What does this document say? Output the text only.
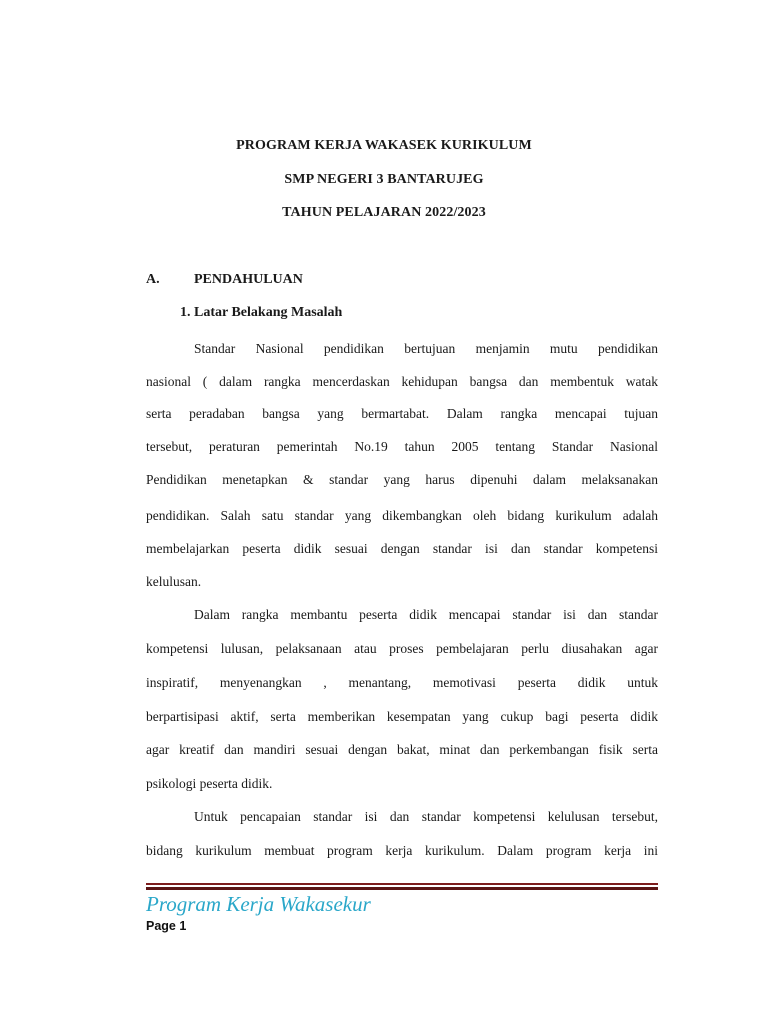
PROGRAM KERJA WAKASEK KURIKULUM
SMP NEGERI 3 BANTARUJEG
TAHUN PELAJARAN 2022/2023
A. PENDAHULUAN
1. Latar Belakang Masalah
Standar Nasional pendidikan bertujuan menjamin mutu pendidikan
nasional ( dalam rangka mencerdaskan kehidupan bangsa dan membentuk watak
serta peradaban bangsa yang bermartabat. Dalam rangka mencapai tujuan
tersebut, peraturan pemerintah No.19 tahun 2005 tentang Standar Nasional
Pendidikan menetapkan & standar yang harus dipenuhi dalam melaksanakan
pendidikan. Salah satu standar yang dikembangkan oleh bidang kurikulum adalah
membelajarkan peserta didik sesuai dengan standar isi dan standar kompetensi
kelulusan.
Dalam rangka membantu peserta didik mencapai standar isi dan standar
kompetensi lulusan, pelaksanaan atau proses pembelajaran perlu diusahakan agar
inspiratif, menyenangkan , menantang, memotivasi peserta didik untuk
berpartisipasi aktif, serta memberikan kesempatan yang cukup bagi peserta didik
agar kreatif dan mandiri sesuai dengan bakat, minat dan perkembangan fisik serta
psikologi peserta didik.
Untuk pencapaian standar isi dan standar kompetensi kelulusan tersebut,
bidang kurikulum membuat program kerja kurikulum. Dalam program kerja ini
Program Kerja Wakasekur
Page 1
